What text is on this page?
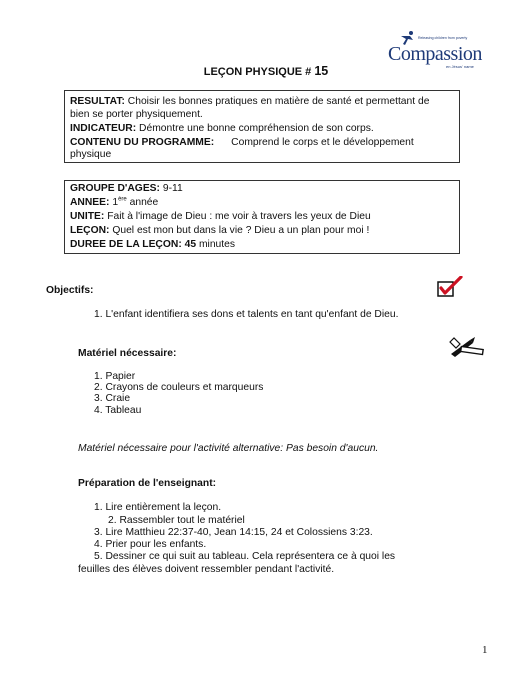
Releasing children from poverty
Compassion
en Jésus' name
LEÇON PHYSIQUE # 15
RESULTAT: Choisir les bonnes pratiques en matière de santé et permettant de
bien se porter physiquement.
INDICATEUR: Démontre une bonne compréhension de son corps.
CONTENU DU PROGRAMME: Comprend le corps et le développement
physique
GROUPE D'AGES: 9-11
ANNEE: 1ère année
UNITE: Fait à l'image de Dieu : me voir à travers les yeux de Dieu
LEÇON: Quel est mon but dans la vie ? Dieu a un plan pour moi !
DUREE DE LA LEÇON: 45 minutes
Objectifs:
1. L'enfant identifiera ses dons et talents en tant qu'enfant de Dieu.
Matériel nécessaire:
1. Papier
2. Crayons de couleurs et marqueurs
3. Craie
4. Tableau
Matériel nécessaire pour l'activité alternative: Pas besoin d'aucun.
Préparation de l'enseignant:
1. Lire entièrement la leçon.
2. Rassembler tout le matériel
3. Lire Matthieu 22:37-40, Jean 14:15, 24 et Colossiens 3:23.
4. Prier pour les enfants.
5. Dessiner ce qui suit au tableau. Cela représentera ce à quoi les
feuilles des élèves doivent ressembler pendant l'activité.
1
